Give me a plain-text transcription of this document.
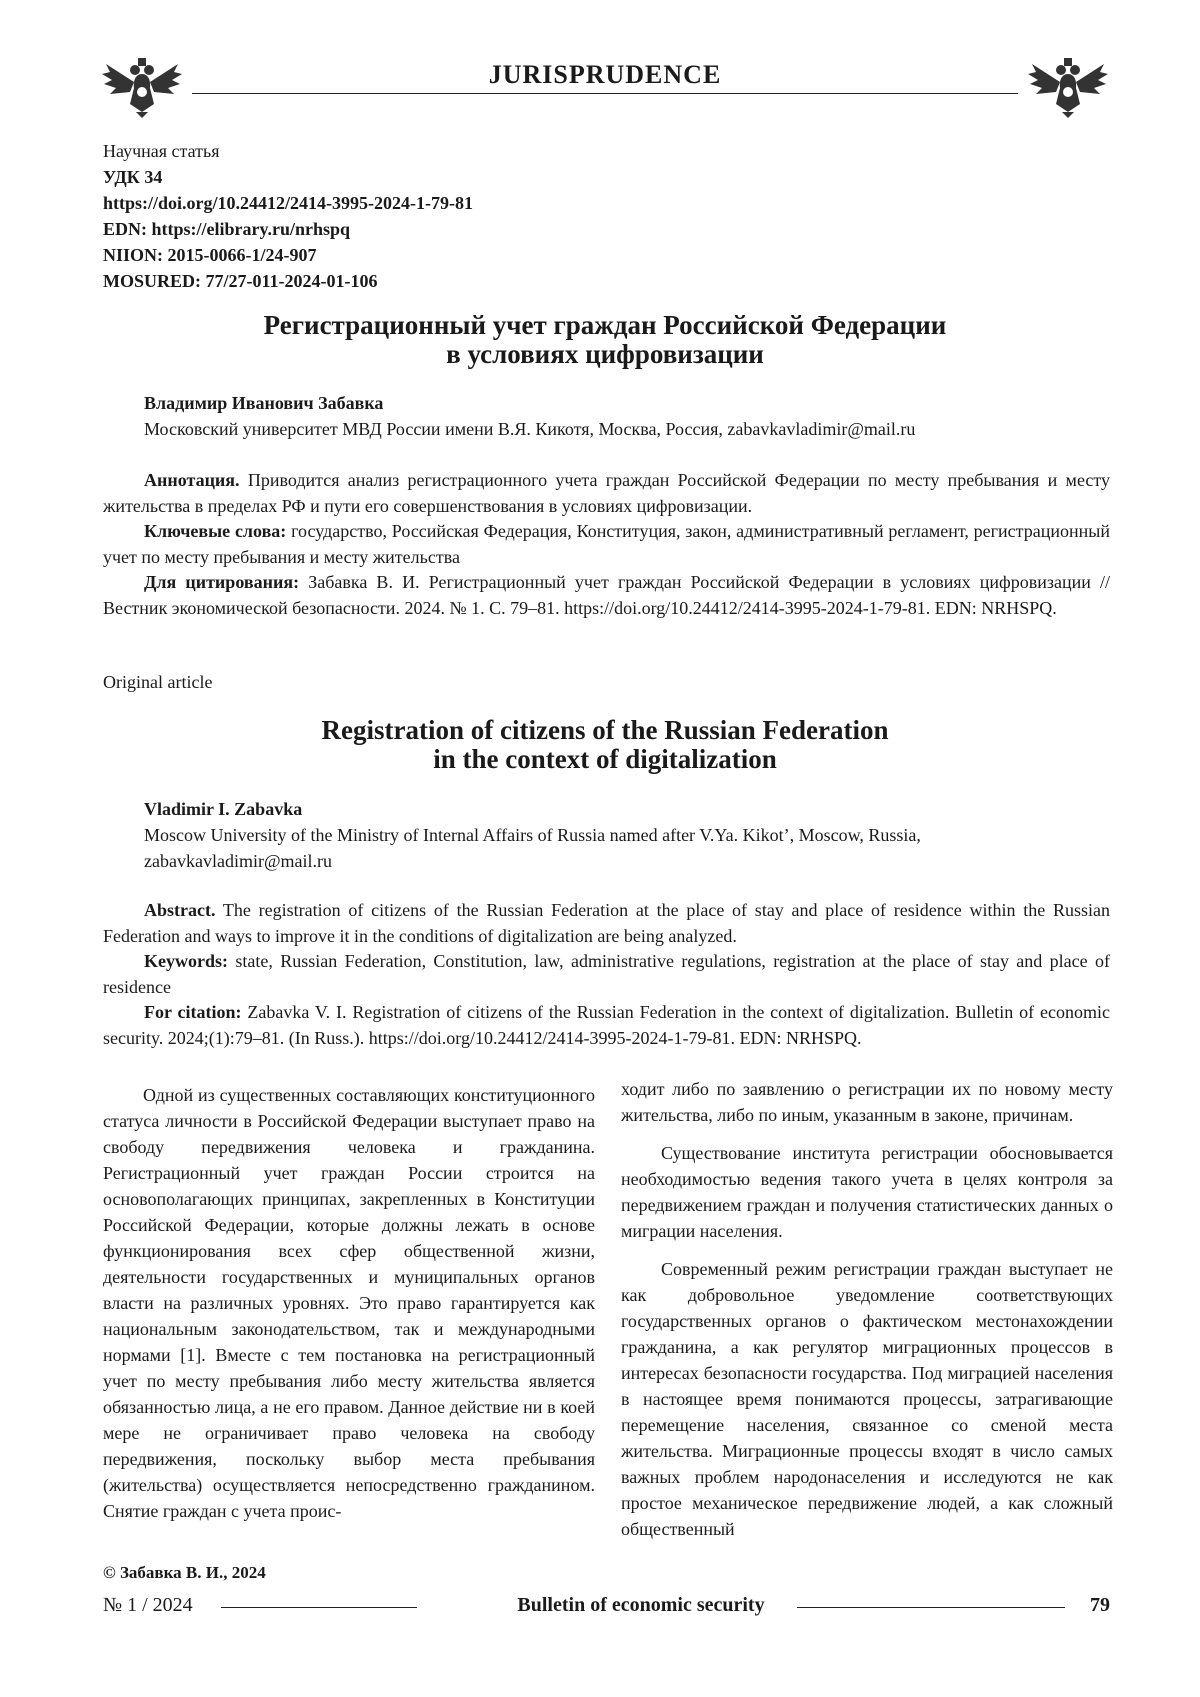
JURISPRUDENCE
Научная статья
УДК 34
https://doi.org/10.24412/2414-3995-2024-1-79-81
EDN: https://elibrary.ru/nrhspq
NIION: 2015-0066-1/24-907
MOSURED: 77/27-011-2024-01-106
Регистрационный учет граждан Российской Федерации
в условиях цифровизации
Владимир Иванович Забавка
Московский университет МВД России имени В.Я. Кикотя, Москва, Россия, zabavkavladimir@mail.ru

Аннотация. Приводится анализ регистрационного учета граждан Российской Федерации по месту пребывания и месту жительства в пределах РФ и пути его совершенствования в условиях цифровизации.

Ключевые слова: государство, Российская Федерация, Конституция, закон, административный регламент, регистрационный учет по месту пребывания и месту жительства

Для цитирования: Забавка В. И. Регистрационный учет граждан Российской Федерации в условиях цифровизации // Вестник экономической безопасности. 2024. № 1. С. 79–81. https://doi.org/10.24412/2414-3995-2024-1-79-81. EDN: NRHSPQ.

Original article
Registration of citizens of the Russian Federation
in the context of digitalization
Vladimir I. Zabavka
Moscow University of the Ministry of Internal Affairs of Russia named after V.Ya. Kikot’, Moscow, Russia,
zabavkavladimir@mail.ru

Abstract. The registration of citizens of the Russian Federation at the place of stay and place of residence within the Russian Federation and ways to improve it in the conditions of digitalization are being analyzed.

Keywords: state, Russian Federation, Constitution, law, administrative regulations, registration at the place of stay and place of residence

For citation: Zabavka V. I. Registration of citizens of the Russian Federation in the context of digitalization. Bulletin of economic security. 2024;(1):79–81. (In Russ.). https://doi.org/10.24412/2414-3995-2024-1-79-81. EDN: NRHSPQ.

Одной из существенных составляющих конституционного статуса личности в Российской Федерации выступает право на свободу передвижения человека и гражданина. Регистрационный учет граждан России строится на основополагающих принципах, закрепленных в Конституции Российской Федерации, которые должны лежать в основе функционирования всех сфер общественной жизни, деятельности государственных и муниципальных органов власти на различных уровнях. Это право гарантируется как национальным законодательством, так и международными нормами [1]. Вместе с тем постановка на регистрационный учет по месту пребывания либо месту жительства является обязанностью лица, а не его правом. Данное действие ни в коей мере не ограничивает право человека на свободу передвижения, поскольку выбор места пребывания (жительства) осуществляется непосредственно гражданином. Снятие граждан с учета проис-

ходит либо по заявлению о регистрации их по новому месту жительства, либо по иным, указанным в законе, причинам.

Существование института регистрации обосновывается необходимостью ведения такого учета в целях контроля за передвижением граждан и получения статистических данных о миграции населения.

Современный режим регистрации граждан выступает не как добровольное уведомление соответствующих государственных органов о фактическом местонахождении гражданина, а как регулятор миграционных процессов в интересах безопасности государства. Под миграцией населения в настоящее время понимаются процессы, затрагивающие перемещение населения, связанное со сменой места жительства. Миграционные процессы входят в число самых важных проблем народонаселения и исследуются не как простое механическое передвижение людей, а как сложный общественный

© Забавка В. И., 2024
№ 1 / 2024	Bulletin of economic security	79
